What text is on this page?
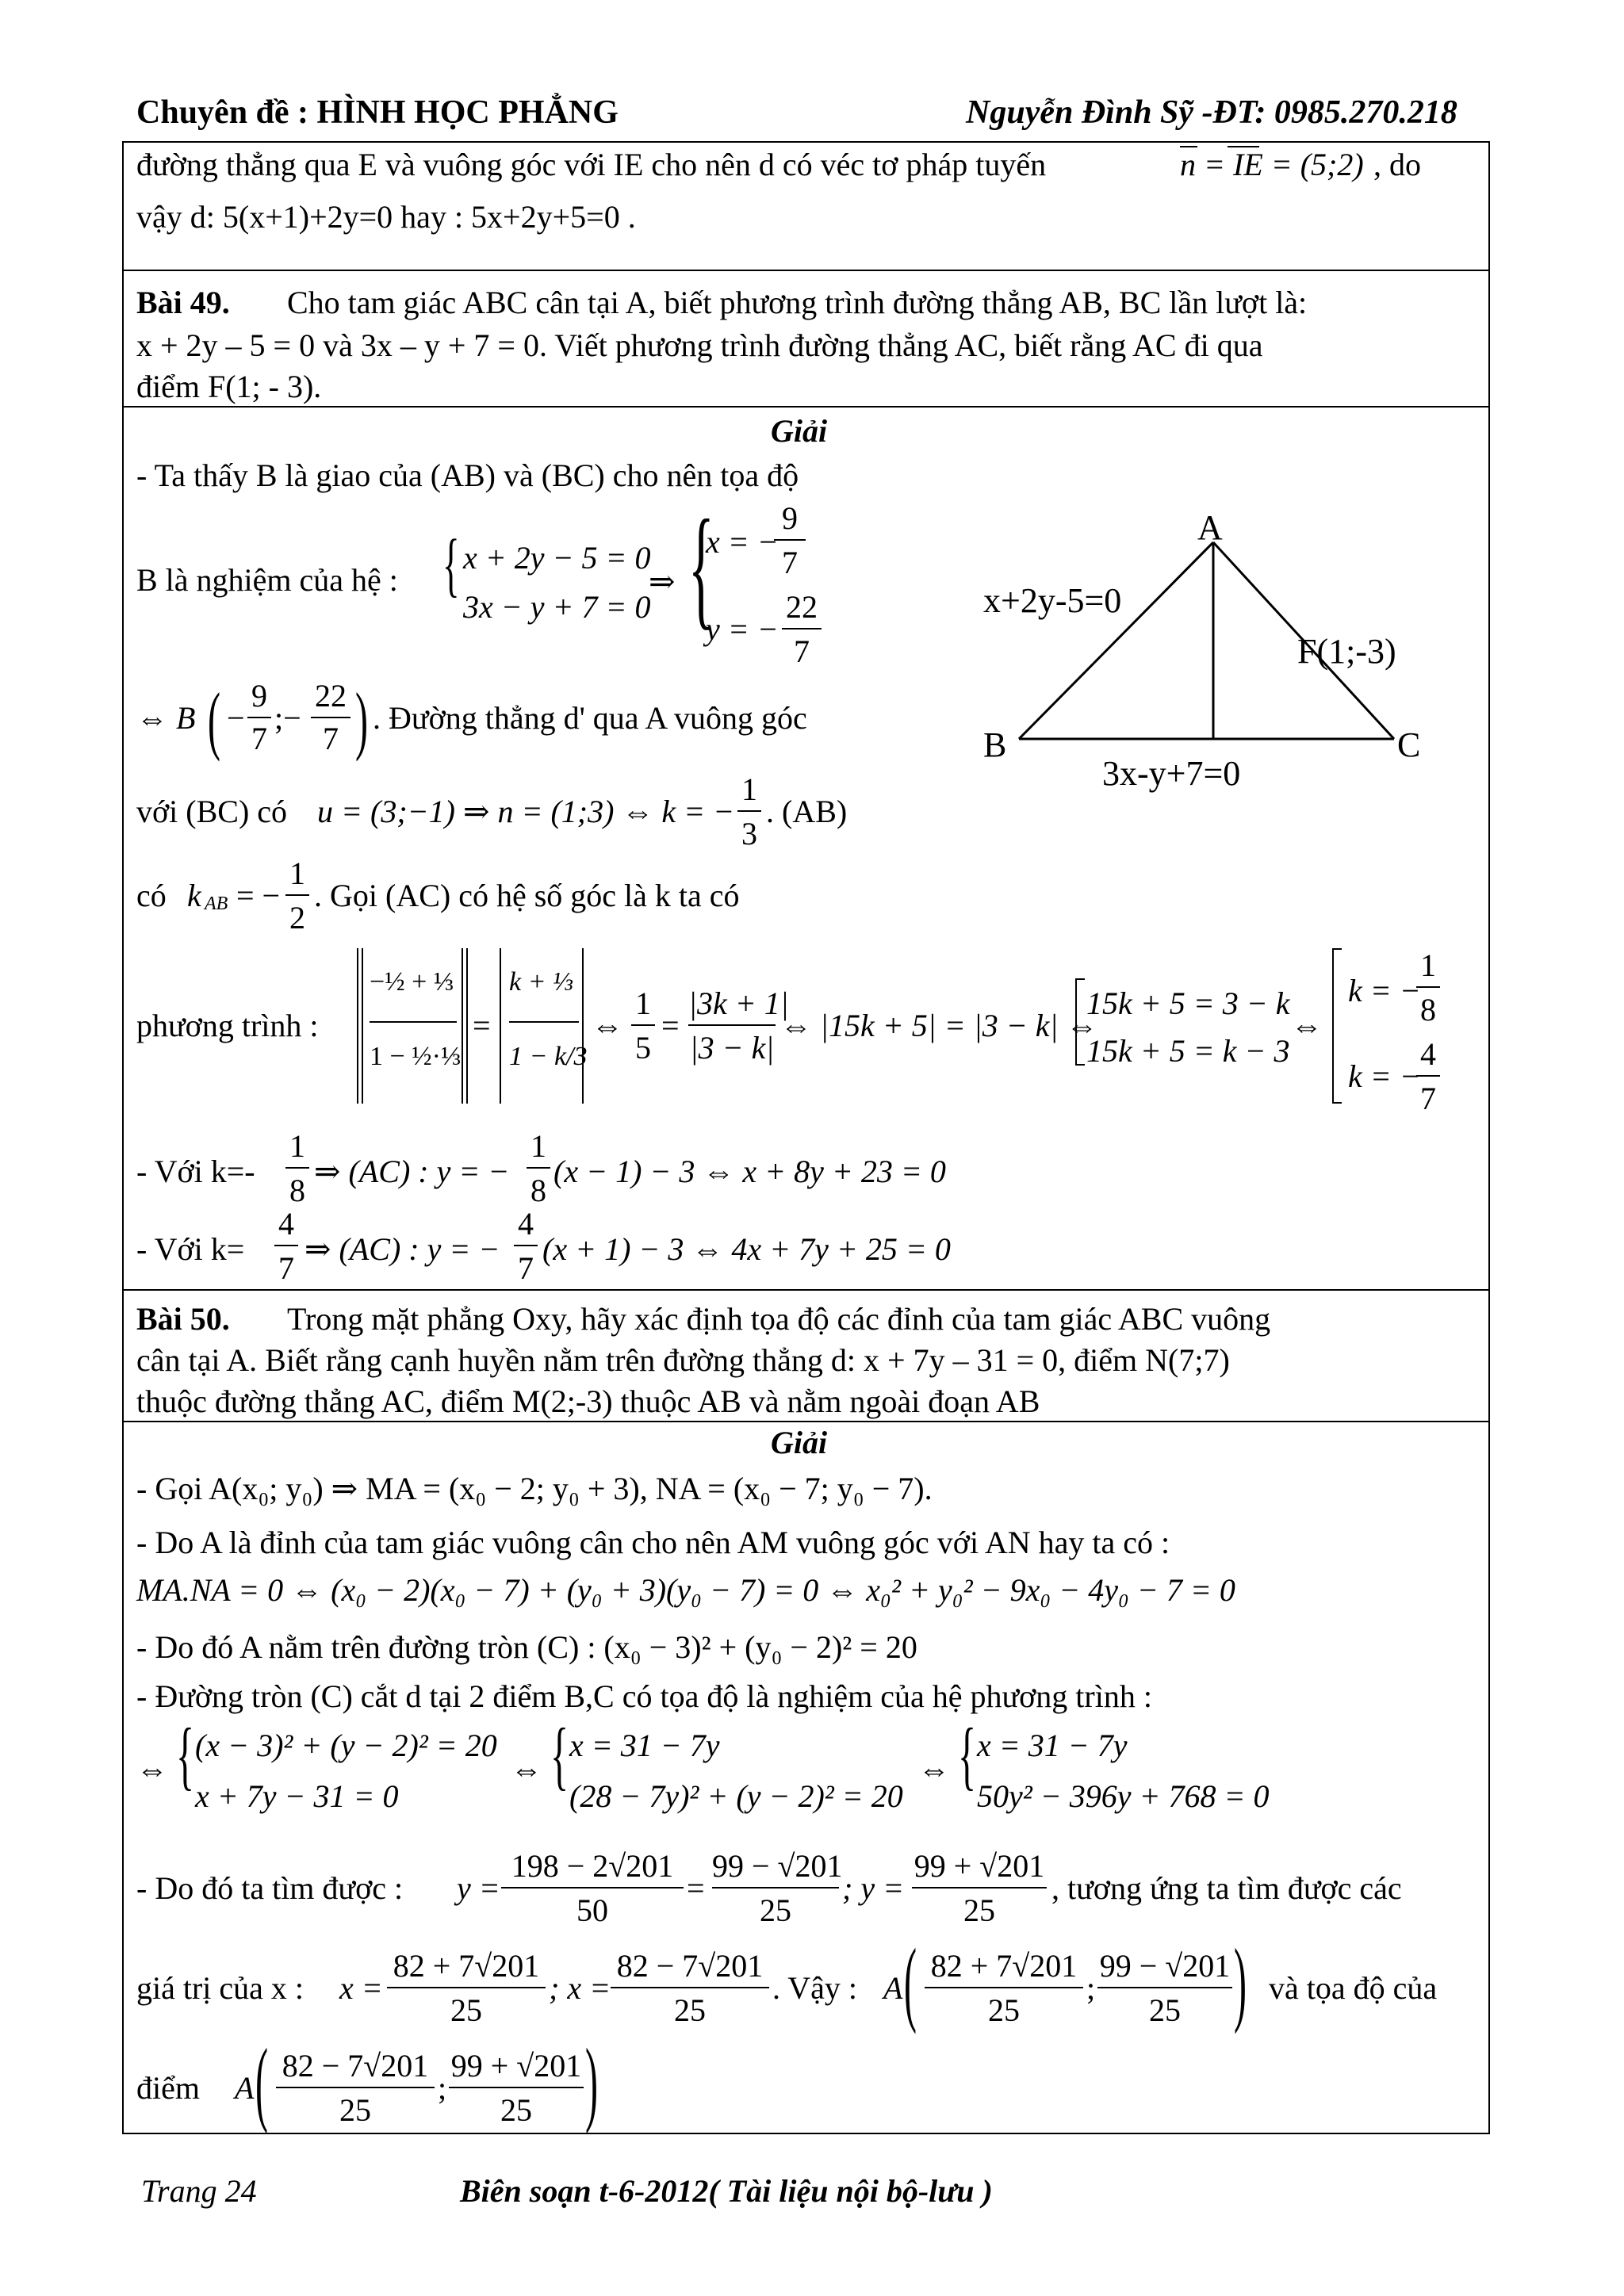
Chuyên đề : HÌNH HỌC PHẲNG	Nguyễn Đình Sỹ -ĐT: 0985.270.218
đường thẳng qua E và vuông góc với IE cho nên d có véc tơ pháp tuyến	n = IE = (5;2) , do
vậy d: 5(x+1)+2y=0 hay : 5x+2y+5=0 .
Bài 49. Cho tam giác ABC cân tại A, biết phương trình đường thẳng AB, BC lần lượt là:
x + 2y – 5 = 0 và 3x – y + 7 = 0. Viết phương trình đường thẳng AC, biết rằng AC đi qua
điểm F(1; - 3).
Giải
- Ta thấy B là giao của (AB) và (BC) cho nên tọa độ
B là nghiệm của hệ : { x + 2y − 5 = 0
3x − y + 7 = 0
⇒ {
x = −
9
7
y = −
22
7
⇔ B ( −
9
7
;−
22
7 ) . Đường thẳng d' qua A vuông góc
với (BC) có u = (3;−1) ⇒ n = (1;3) ⇔ k = −
1
3
. (AB)
có k AB = −
1
2
. Gọi (AC) có hệ số góc là k ta có
phương trình :
−½ + ⅓
1 − ½·⅓
=
k + ⅓
1 − k/3
⇔
1
5
=
|3k + 1|
|3 − k|
⇔ |15k + 5| = |3 − k| ⇔
15k + 5 = 3 − k
15k + 5 = k − 3
⇔
k = −
1
8
k = −
4
7
- Với k=-
1
8
⇒ (AC) : y = −
1
8
(x − 1) − 3 ⇔ x + 8y + 23 = 0
- Với k=
4
7
⇒ (AC) : y = −
4
7
(x + 1) − 3 ⇔ 4x + 7y + 25 = 0
A
B	C
x+2y-5=0
F(1;-3)
3x-y+7=0
Bài 50. Trong mặt phẳng Oxy, hãy xác định tọa độ các đỉnh của tam giác ABC vuông
cân tại A. Biết rằng cạnh huyền nằm trên đường thẳng d: x + 7y – 31 = 0, điểm N(7;7)
thuộc đường thẳng AC, điểm M(2;-3) thuộc AB và nằm ngoài đoạn AB
Giải
- Gọi A(x₀; y₀) ⇒ MA = (x₀ − 2; y₀ + 3), NA = (x₀ − 7; y₀ − 7).
- Do A là đỉnh của tam giác vuông cân cho nên AM vuông góc với AN hay ta có :
MA.NA = 0 ⇔ (x₀ − 2)(x₀ − 7) + (y₀ + 3)(y₀ − 7) = 0 ⇔ x₀² + y₀² − 9x₀ − 4y₀ − 7 = 0
- Do đó A nằm trên đường tròn (C) : (x₀ − 3)² + (y₀ − 2)² = 20
- Đường tròn (C) cắt d tại 2 điểm B,C có tọa độ là nghiệm của hệ phương trình :
⇔ { (x − 3)² + (y − 2)² = 20
x + 7y − 31 = 0
⇔ { x = 31 − 7y
(28 − 7y)² + (y − 2)² = 20
⇔ { x = 31 − 7y
50y² − 396y + 768 = 0
- Do đó ta tìm được : y =
198 − 2√201
50
=
99 − √201
25
; y =
99 + √201
25
, tương ứng ta tìm được các
giá trị của x : x =
82 + 7√201
25
; x =
82 − 7√201
25
. Vậy : A ( 82 + 7√201
25
;
99 − √201
25 ) và tọa độ của
điểm A ( 82 − 7√201
25
;
99 + √201
25 )
Trang 24	Biên soạn t-6-2012( Tài liệu nội bộ-lưu )
